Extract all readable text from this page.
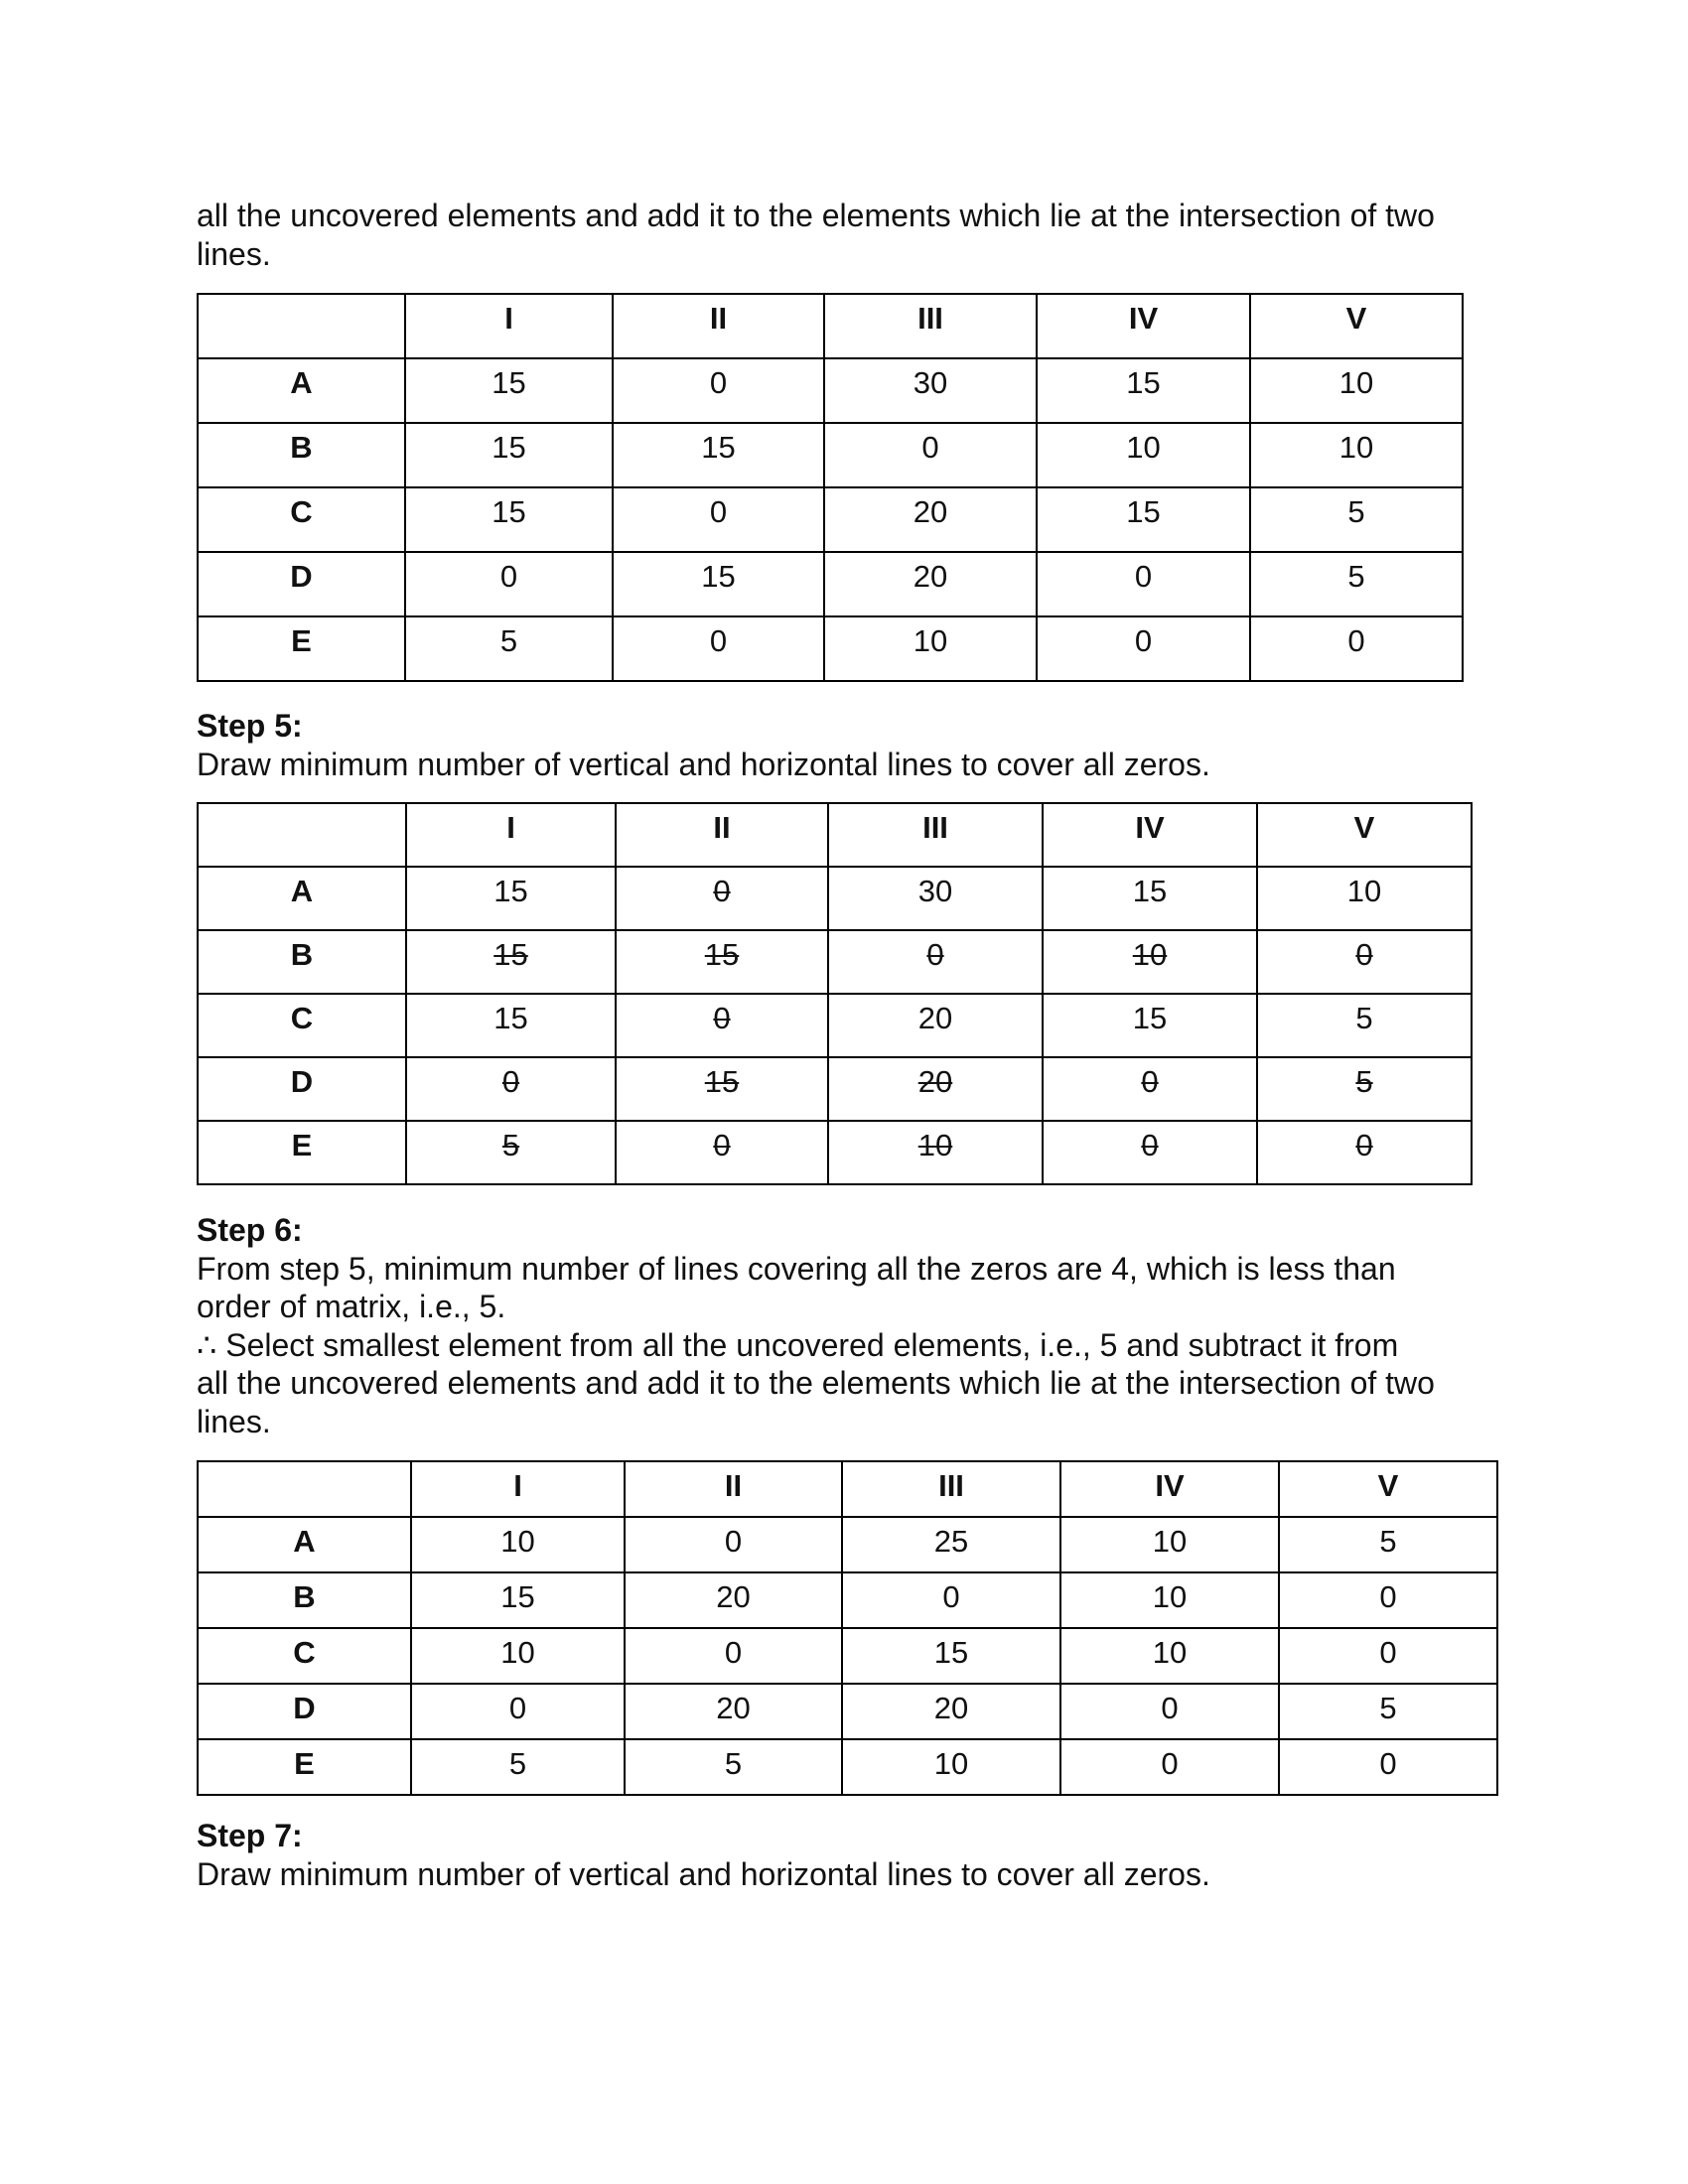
all the uncovered elements and add it to the elements which lie at the intersection of two
lines.

	I	II	III	IV	V
A	15	0	30	15	10
B	15	15	0	10	10
C	15	0	20	15	5
D	0	15	20	0	5
E	5	0	10	0	0

Step 5:
Draw minimum number of vertical and horizontal lines to cover all zeros.

	I	II	III	IV	V
A	15	0	30	15	10
B	15	15	0	10	0
C	15	0	20	15	5
D	0	15	20	0	5
E	5	0	10	0	0

Step 6:
From step 5, minimum number of lines covering all the zeros are 4, which is less than
order of matrix, i.e., 5.
∴ Select smallest element from all the uncovered elements, i.e., 5 and subtract it from
all the uncovered elements and add it to the elements which lie at the intersection of two
lines.

	I	II	III	IV	V
A	10	0	25	10	5
B	15	20	0	10	0
C	10	0	15	10	0
D	0	20	20	0	5
E	5	5	10	0	0

Step 7:
Draw minimum number of vertical and horizontal lines to cover all zeros.
